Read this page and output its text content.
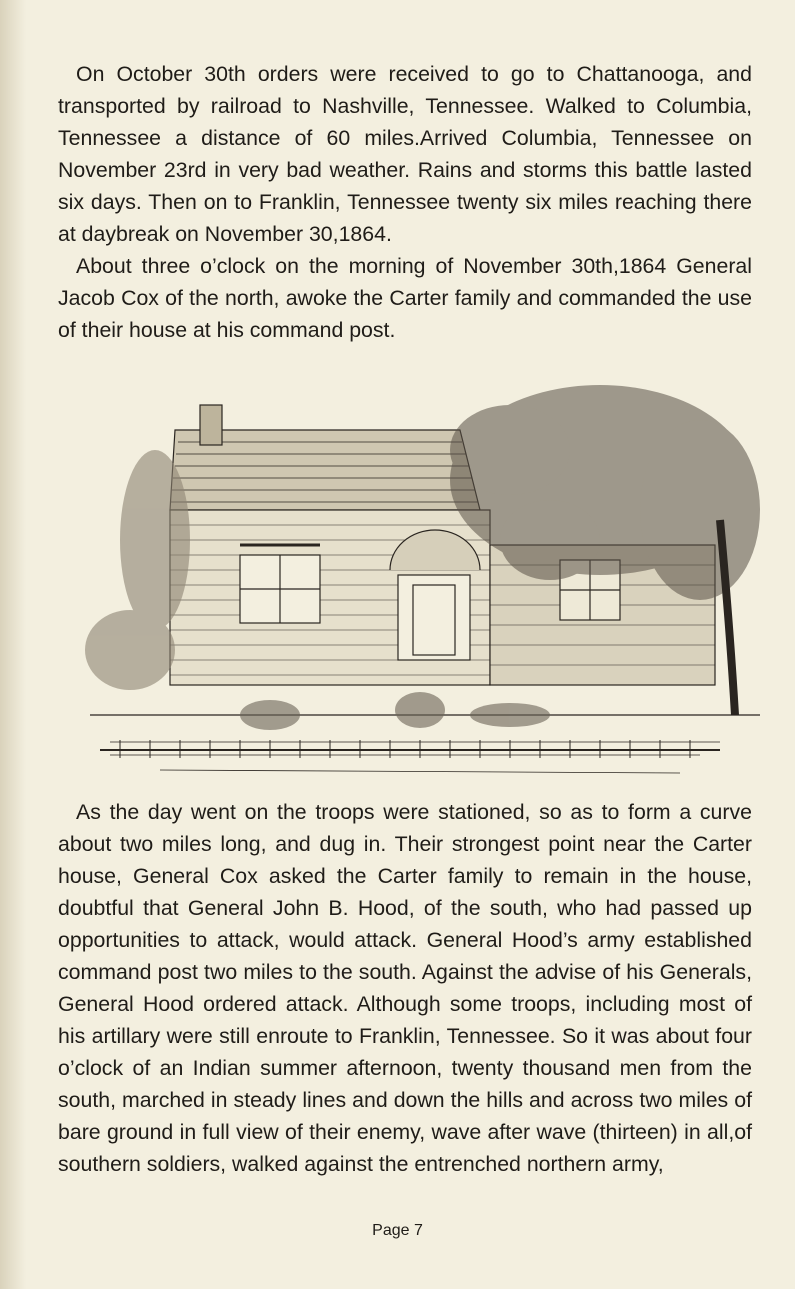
On October 30th orders were received to go to Chattanooga, and transported by railroad to Nashville, Tennessee. Walked to Columbia, Tennessee a distance of 60 miles.Arrived Columbia, Tennessee on November 23rd in very bad weather. Rains and storms this battle lasted six days. Then on to Franklin, Tennessee twenty six miles reaching there at daybreak on November 30,1864.

About three o’clock on the morning of November 30th,1864 General Jacob Cox of the north, awoke the Carter family and commanded the use of their house at his command post.

As the day went on the troops were stationed, so as to form a curve about two miles long, and dug in. Their strongest point near the Carter house, General Cox asked the Carter family to remain in the house, doubtful that General John B. Hood, of the south, who had passed up opportunities to attack, would attack. General Hood’s army established command post two miles to the south. Against the advise of his Generals, General Hood ordered attack. Although some troops, including most of his artillary were still enroute to Franklin, Tennessee. So it was about four o’clock of an Indian summer afternoon, twenty thousand men from the south, marched in steady lines and down the hills and across two miles of bare ground in full view of their enemy, wave after wave (thirteen) in all,of southern soldiers, walked against the entrenched northern army,

Page 7
